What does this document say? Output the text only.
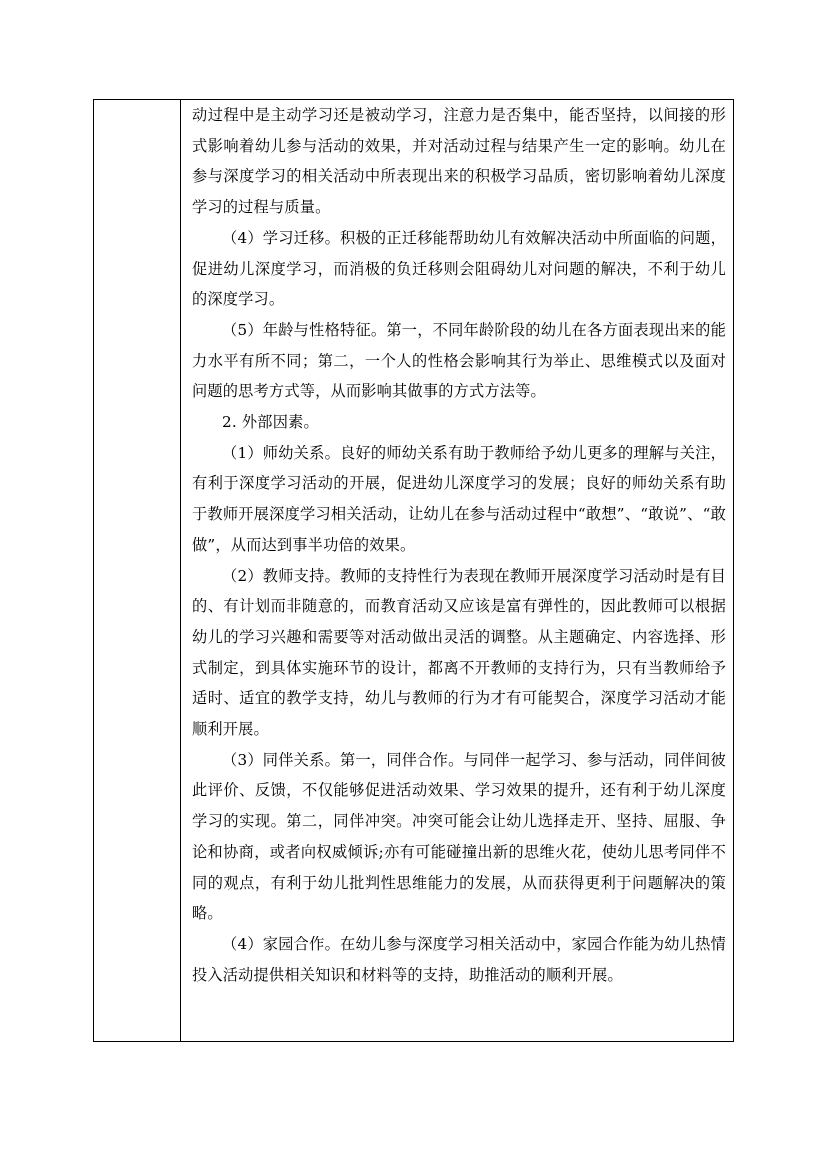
动过程中是主动学习还是被动学习，注意力是否集中，能否坚持，以间接的形式影响着幼儿参与活动的效果，并对活动过程与结果产生一定的影响。幼儿在参与深度学习的相关活动中所表现出来的积极学习品质，密切影响着幼儿深度学习的过程与质量。

（4）学习迁移。积极的正迁移能帮助幼儿有效解决活动中所面临的问题，促进幼儿深度学习，而消极的负迁移则会阻碍幼儿对问题的解决，不利于幼儿的深度学习。

（5）年龄与性格特征。第一，不同年龄阶段的幼儿在各方面表现出来的能力水平有所不同；第二，一个人的性格会影响其行为举止、思维模式以及面对问题的思考方式等，从而影响其做事的方式方法等。

2. 外部因素。

（1）师幼关系。良好的师幼关系有助于教师给予幼儿更多的理解与关注，有利于深度学习活动的开展，促进幼儿深度学习的发展；良好的师幼关系有助于教师开展深度学习相关活动，让幼儿在参与活动过程中“敢想”、“敢说”、“敢做”，从而达到事半功倍的效果。

（2）教师支持。教师的支持性行为表现在教师开展深度学习活动时是有目的、有计划而非随意的，而教育活动又应该是富有弹性的，因此教师可以根据幼儿的学习兴趣和需要等对活动做出灵活的调整。从主题确定、内容选择、形式制定，到具体实施环节的设计，都离不开教师的支持行为，只有当教师给予适时、适宜的教学支持，幼儿与教师的行为才有可能契合，深度学习活动才能顺利开展。

（3）同伴关系。第一，同伴合作。与同伴一起学习、参与活动，同伴间彼此评价、反馈，不仅能够促进活动效果、学习效果的提升，还有利于幼儿深度学习的实现。第二，同伴冲突。冲突可能会让幼儿选择走开、坚持、屈服、争论和协商，或者向权威倾诉;亦有可能碰撞出新的思维火花，使幼儿思考同伴不同的观点，有利于幼儿批判性思维能力的发展，从而获得更利于问题解决的策略。

（4）家园合作。在幼儿参与深度学习相关活动中，家园合作能为幼儿热情投入活动提供相关知识和材料等的支持，助推活动的顺利开展。
